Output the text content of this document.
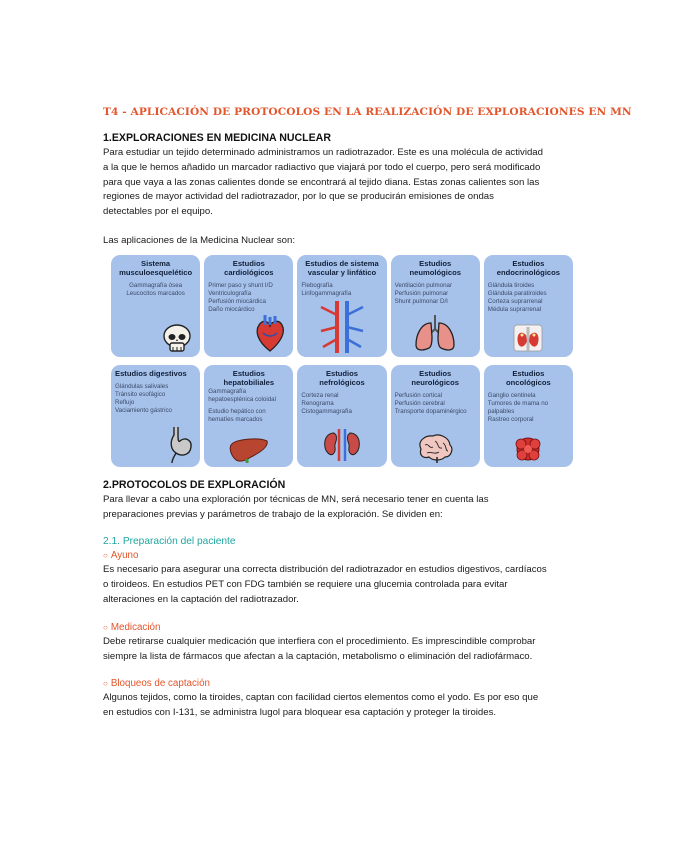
T4 - APLICACIÓN DE PROTOCOLOS EN LA REALIZACIÓN DE EXPLORACIONES EN MN
1.EXPLORACIONES EN MEDICINA NUCLEAR

Para estudiar un tejido determinado administramos un radiotrazador. Este es una molécula de actividad
a la que le hemos añadido un marcador radiactivo que viajará por todo el cuerpo, pero será modificado
para que vaya a las zonas calientes donde se encontrará al tejido diana. Estas zonas calientes son las
regiones de mayor actividad del radiotrazador, por lo que se producirán emisiones de ondas
detectables por el equipo.

Las aplicaciones de la Medicina Nuclear son:

Sistema
musculoesquelético
Gammagrafía ósea
Leucocitos marcados
Estudios
cardiológicos
Primer paso y shunt I/D
Ventriculografía
Perfusión miocárdica
Daño miocárdico
Estudios de sistema
vascular y linfático
Flebografía
Linfogammagrafía
Estudios
neumológicos
Ventilación pulmonar
Perfusión pulmonar
Shunt pulmonar D/I
Estudios
endocrinológicos
Glándula tiroides
Glándula paratiroides
Corteza suprarrenal
Médula suprarrenal
Estudios digestivos
Glándulas salivales
Tránsito esofágico
Reflujo
Vaciamiento gástrico
Estudios
hepatobiliales
Gammagrafía
hepatoesplénica coloidal
Estudio hepático con
hematíes marcados
Estudios
nefrológicos
Corteza renal
Renograma
Cistogammagrafía
Estudios
neurológicos
Perfusión cortical
Perfusión cerebral
Transporte dopaminérgico
Estudios
oncológicos
Ganglio centinela
Tumores de mama no
palpables
Rastreo corporal
2.PROTOCOLOS DE EXPLORACIÓN

Para llevar a cabo una exploración por técnicas de MN, será necesario tener en cuenta las
preparaciones previas y parámetros de trabajo de la exploración. Se dividen en:

2.1. Preparación del paciente
○ Ayuno

Es necesario para asegurar una correcta distribución del radiotrazador en estudios digestivos, cardíacos
o tiroideos. En estudios PET con FDG también se requiere una glucemia controlada para evitar
alteraciones en la captación del radiotrazador.

○ Medicación

Debe retirarse cualquier medicación que interfiera con el procedimiento. Es imprescindible comprobar
siempre la lista de fármacos que afectan a la captación, metabolismo o eliminación del radiofármaco.

○ Bloqueos de captación

Algunos tejidos, como la tiroides, captan con facilidad ciertos elementos como el yodo. Es por eso que
en estudios con I-131, se administra lugol para bloquear esa captación y proteger la tiroides.
